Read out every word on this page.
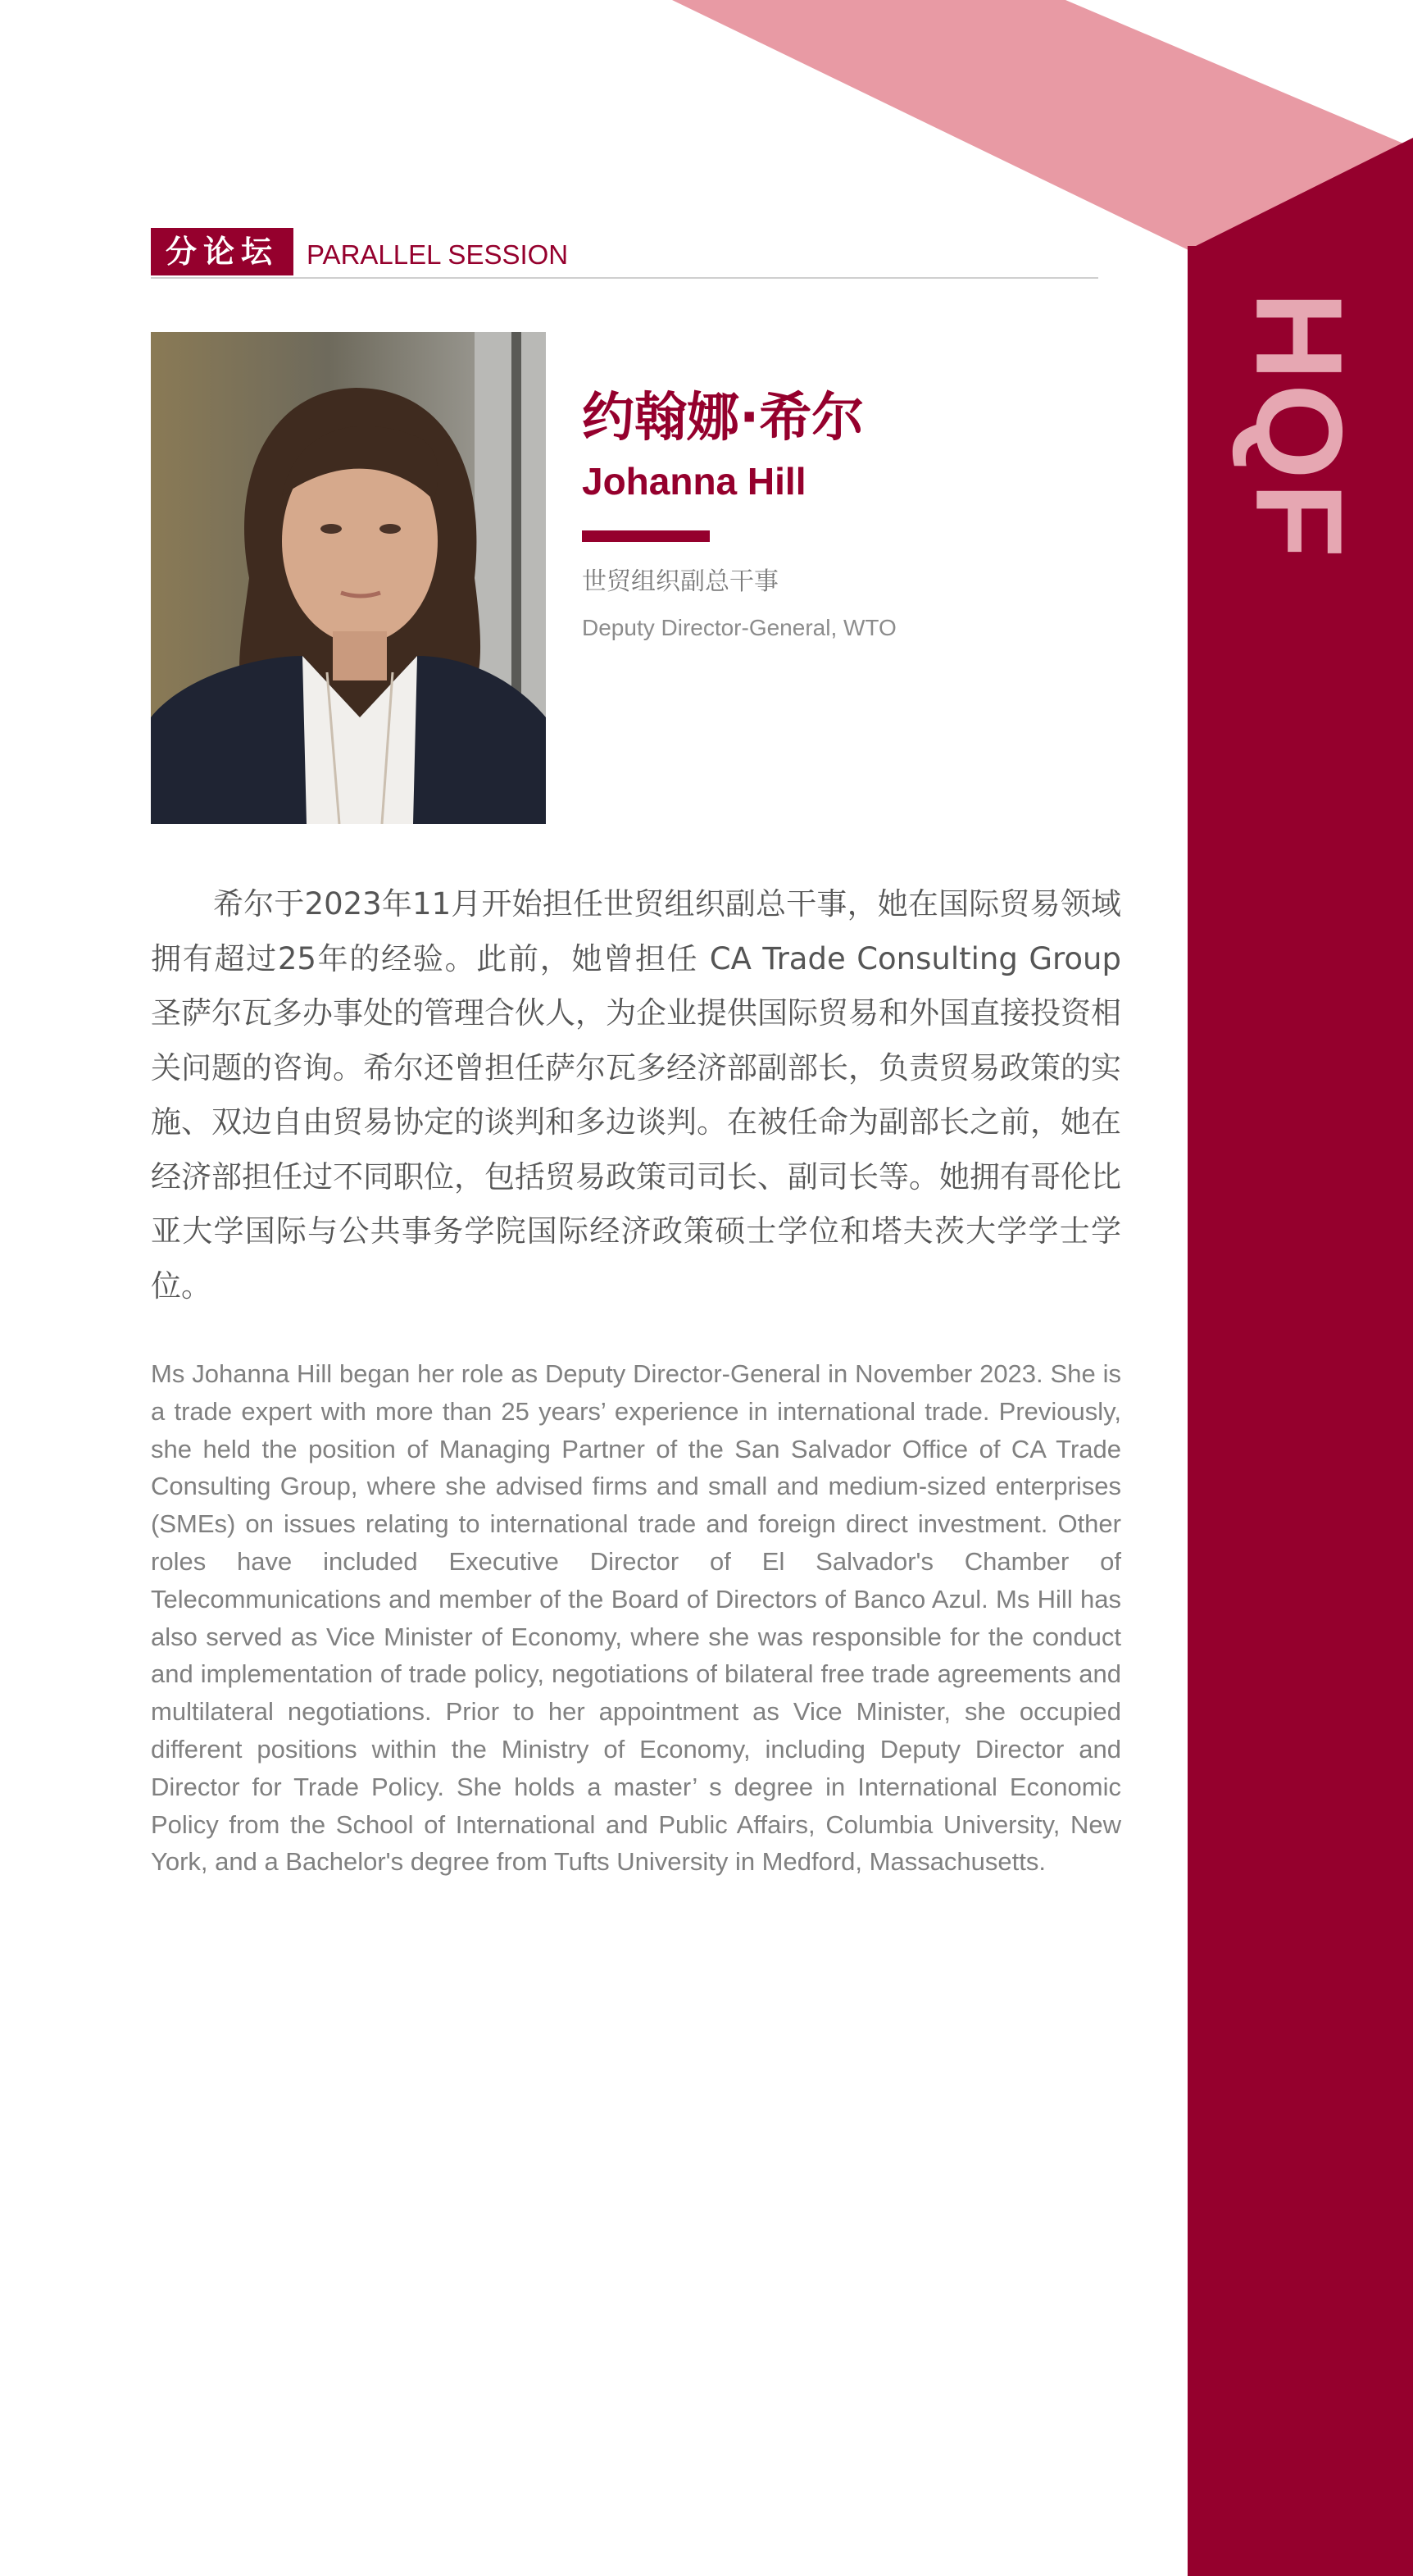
HQF
分论坛	PARALLEL SESSION
约翰娜·希尔
Johanna Hill
世贸组织副总干事
Deputy Director-General, WTO

希尔于2023年11月开始担任世贸组织副总干事，她在国际贸易领域拥有超过25年的经验。此前，她曾担任 CA Trade Consulting Group圣萨尔瓦多办事处的管理合伙人，为企业提供国际贸易和外国直接投资相关问题的咨询。希尔还曾担任萨尔瓦多经济部副部长，负责贸易政策的实施、双边自由贸易协定的谈判和多边谈判。在被任命为副部长之前，她在经济部担任过不同职位，包括贸易政策司司长、副司长等。她拥有哥伦比亚大学国际与公共事务学院国际经济政策硕士学位和塔夫茨大学学士学位。

Ms Johanna Hill began her role as Deputy Director-General in November 2023. She is a trade expert with more than 25 years’ experience in international trade. Previously, she held the position of Managing Partner of the San Salvador Office of CA Trade Consulting Group, where she advised firms and small and medium-sized enterprises (SMEs) on issues relating to international trade and foreign direct investment. Other roles have included Executive Director of El Salvador's Chamber of Telecommunications and member of the Board of Directors of Banco Azul. Ms Hill has also served as Vice Minister of Economy, where she was responsible for the conduct and implementation of trade policy, negotiations of bilateral free trade agreements and multilateral negotiations. Prior to her appointment as Vice Minister, she occupied different positions within the Ministry of Economy, including Deputy Director and Director for Trade Policy. She holds a master’ s degree in International Economic Policy from the School of International and Public Affairs, Columbia University, New York, and a Bachelor's degree from Tufts University in Medford, Massachusetts.
